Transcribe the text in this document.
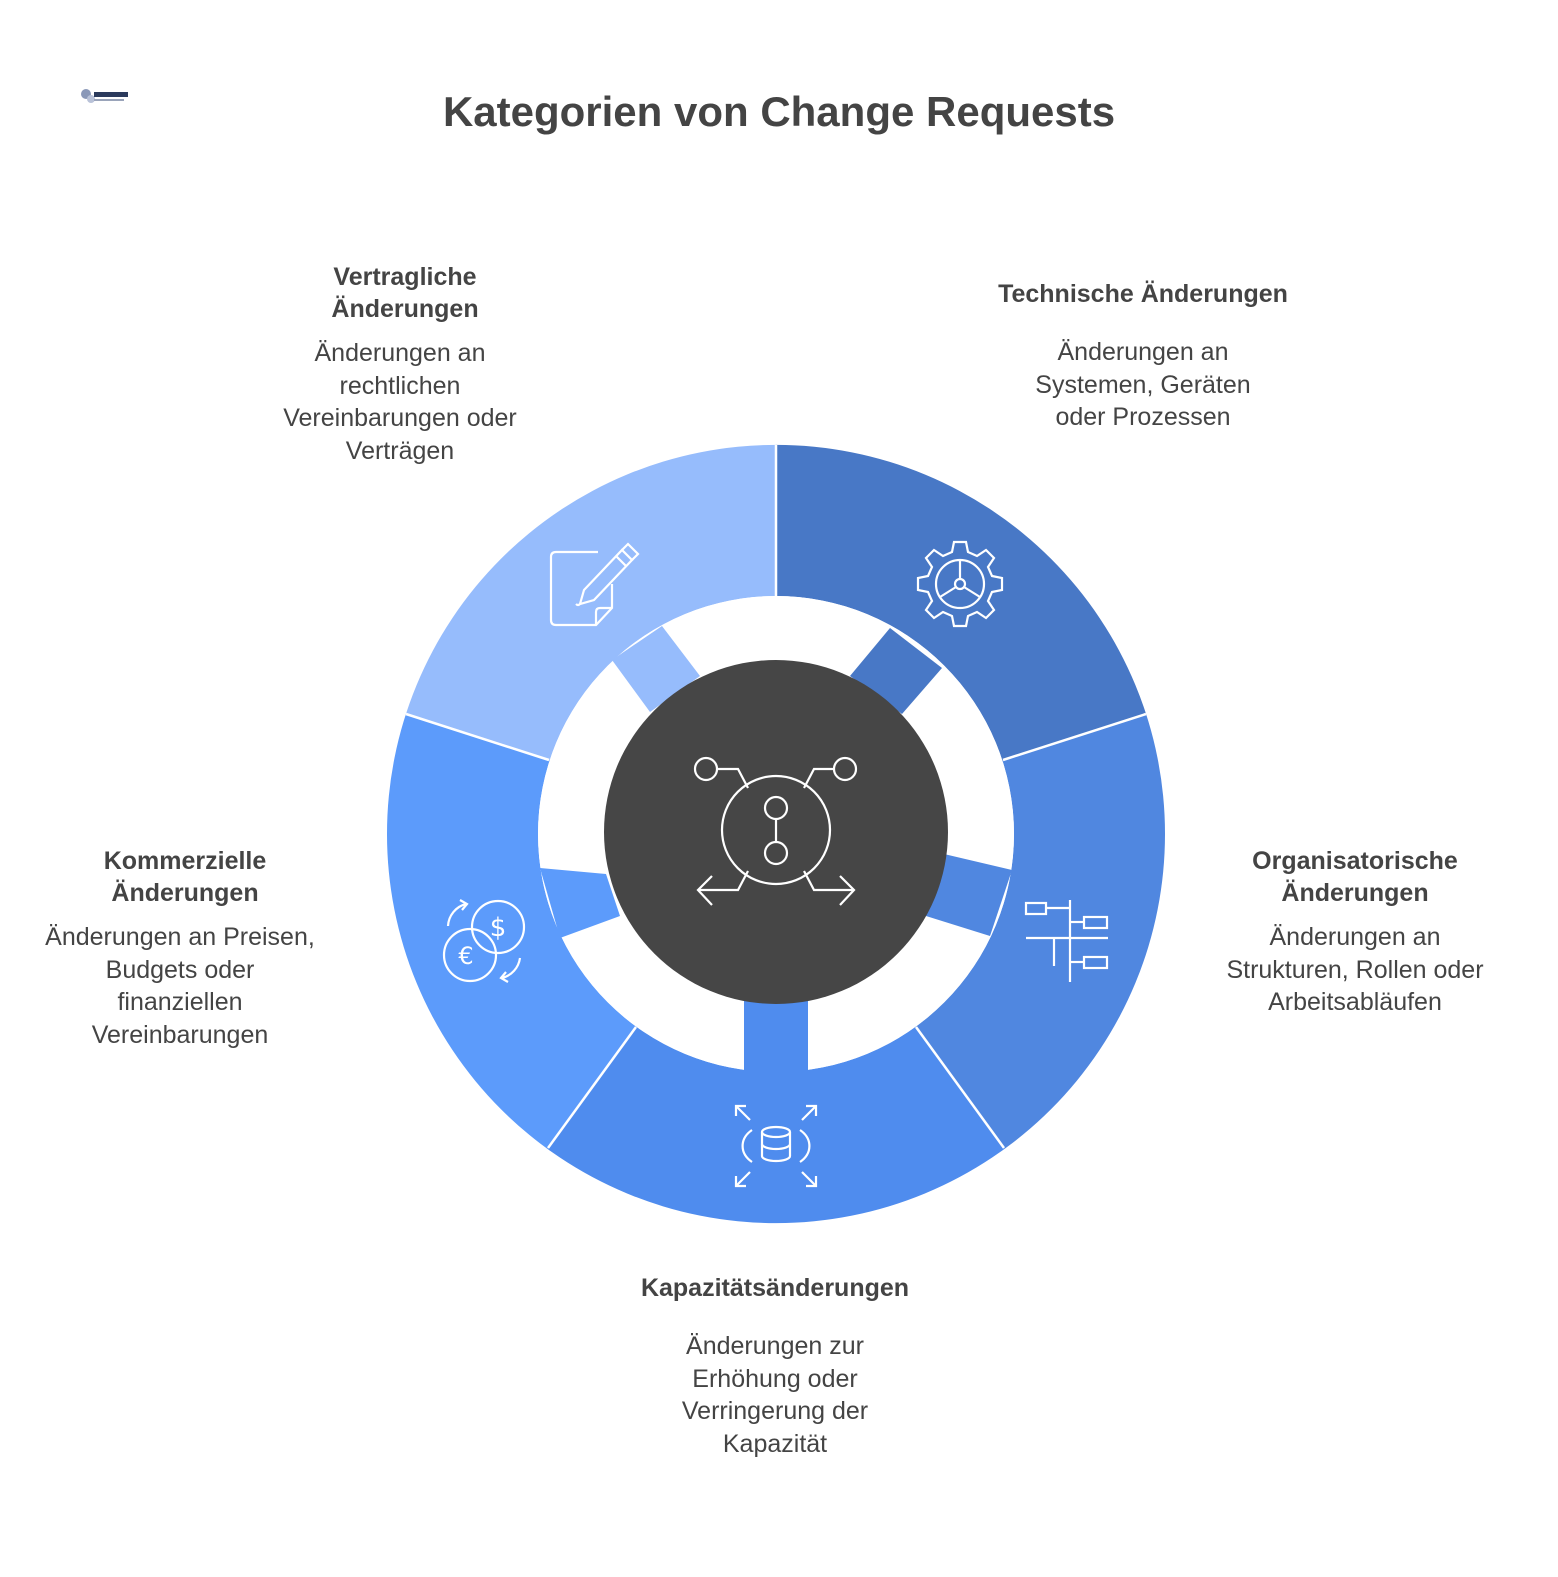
Kategorien von Change Requests
$
€
Technische Änderungen
Änderungen an Systemen, Geräten oder Prozessen
Organisatorische Änderungen
Änderungen an Strukturen, Rollen oder Arbeitsabläufen
Kapazitätsänderungen
Änderungen zur Erhöhung oder Verringerung der Kapazität
Kommerzielle Änderungen
Änderungen an Preisen, Budgets oder finanziellen Vereinbarungen
Vertragliche Änderungen
Änderungen an rechtlichen Vereinbarungen oder Verträgen
